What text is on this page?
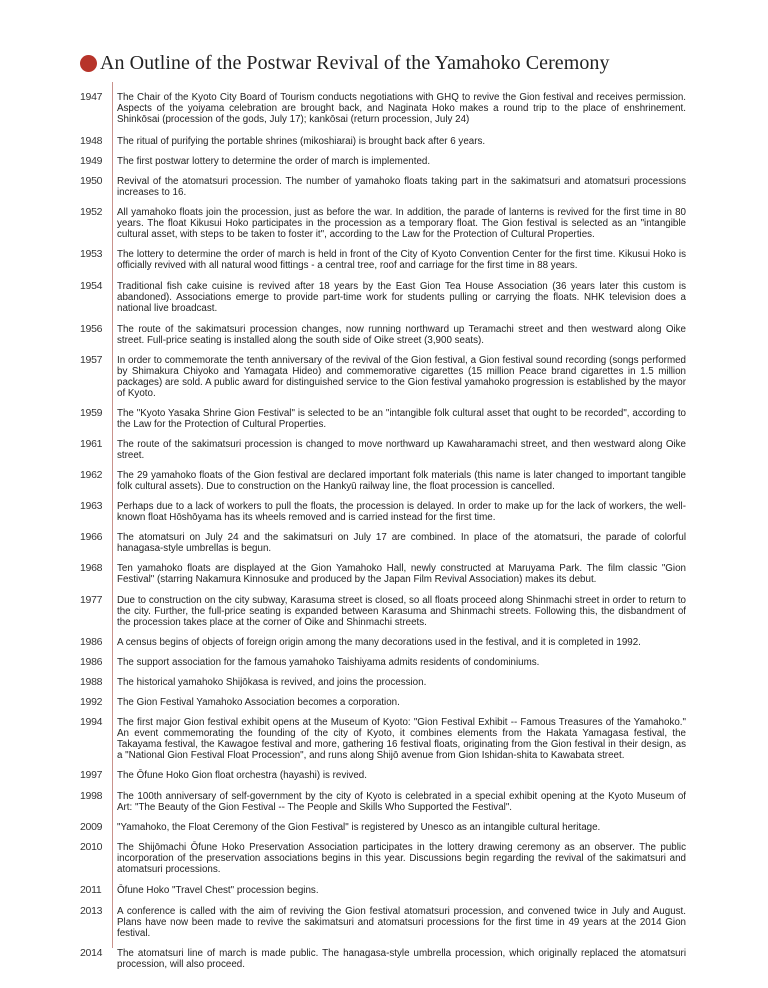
An Outline of the Postwar Revival of the Yamahoko Ceremony
1947	The Chair of the Kyoto City Board of Tourism conducts negotiations with GHQ to revive the Gion festival and receives permission. Aspects of the yoiyama celebration are brought back, and Naginata Hoko makes a round trip to the place of enshrinement. Shinkōsai (procession of the gods, July 17); kankōsai (return procession, July 24)
1948	The ritual of purifying the portable shrines (mikoshiarai) is brought back after 6 years.
1949	The first postwar lottery to determine the order of march is implemented.
1950	Revival of the atomatsuri procession. The number of yamahoko floats taking part in the sakimatsuri and atomatsuri processions increases to 16.
1952	All yamahoko floats join the procession, just as before the war. In addition, the parade of lanterns is revived for the first time in 80 years. The float Kikusui Hoko participates in the procession as a temporary float. The Gion festival is selected as an "intangible cultural asset, with steps to be taken to foster it", according to the Law for the Protection of Cultural Properties.
1953	The lottery to determine the order of march is held in front of the City of Kyoto Convention Center for the first time. Kikusui Hoko is officially revived with all natural wood fittings - a central tree, roof and carriage for the first time in 88 years.
1954	Traditional fish cake cuisine is revived after 18 years by the East Gion Tea House Association (36 years later this custom is abandoned). Associations emerge to provide part-time work for students pulling or carrying the floats. NHK television does a national live broadcast.
1956	The route of the sakimatsuri procession changes, now running northward up Teramachi street and then westward along Oike street. Full-price seating is installed along the south side of Oike street (3,900 seats).
1957	In order to commemorate the tenth anniversary of the revival of the Gion festival, a Gion festival sound recording (songs performed by Shimakura Chiyoko and Yamagata Hideo) and commemorative cigarettes (15 million Peace brand cigarettes in 1.5 million packages) are sold. A public award for distinguished service to the Gion festival yamahoko progression is established by the mayor of Kyoto.
1959	The "Kyoto Yasaka Shrine Gion Festival" is selected to be an "intangible folk cultural asset that ought to be recorded", according to the Law for the Protection of Cultural Properties.
1961	The route of the sakimatsuri procession is changed to move northward up Kawaharamachi street, and then westward along Oike street.
1962	The 29 yamahoko floats of the Gion festival are declared important folk materials (this name is later changed to important tangible folk cultural assets). Due to construction on the Hankyū railway line, the float procession is cancelled.
1963	Perhaps due to a lack of workers to pull the floats, the procession is delayed. In order to make up for the lack of workers, the well-known float Hōshōyama has its wheels removed and is carried instead for the first time.
1966	The atomatsuri on July 24 and the sakimatsuri on July 17 are combined. In place of the atomatsuri, the parade of colorful hanagasa-style umbrellas is begun.
1968	Ten yamahoko floats are displayed at the Gion Yamahoko Hall, newly constructed at Maruyama Park. The film classic "Gion Festival" (starring Nakamura Kinnosuke and produced by the Japan Film Revival Association) makes its debut.
1977	Due to construction on the city subway, Karasuma street is closed, so all floats proceed along Shinmachi street in order to return to the city. Further, the full-price seating is expanded between Karasuma and Shinmachi streets. Following this, the disbandment of the procession takes place at the corner of Oike and Shinmachi streets.
1986	A census begins of objects of foreign origin among the many decorations used in the festival, and it is completed in 1992.
1986	The support association for the famous yamahoko Taishiyama admits residents of condominiums.
1988	The historical yamahoko Shijōkasa is revived, and joins the procession.
1992	The Gion Festival Yamahoko Association becomes a corporation.
1994	The first major Gion festival exhibit opens at the Museum of Kyoto: "Gion Festival Exhibit -- Famous Treasures of the Yamahoko." An event commemorating the founding of the city of Kyoto, it combines elements from the Hakata Yamagasa festival, the Takayama festival, the Kawagoe festival and more, gathering 16 festival floats, originating from the Gion festival in their design, as a "National Gion Festival Float Procession", and runs along Shijō avenue from Gion Ishidan-shita to Kawabata street.
1997	The Ōfune Hoko Gion float orchestra (hayashi) is revived.
1998	The 100th anniversary of self-government by the city of Kyoto is celebrated in a special exhibit opening at the Kyoto Museum of Art: "The Beauty of the Gion Festival -- The People and Skills Who Supported the Festival".
2009	"Yamahoko, the Float Ceremony of the Gion Festival" is registered by Unesco as an intangible cultural heritage.
2010	The Shijōmachi Ōfune Hoko Preservation Association participates in the lottery drawing ceremony as an observer. The public incorporation of the preservation associations begins in this year. Discussions begin regarding the revival of the sakimatsuri and atomatsuri processions.
2011	Ōfune Hoko "Travel Chest" procession begins.
2013	A conference is called with the aim of reviving the Gion festival atomatsuri procession, and convened twice in July and August. Plans have now been made to revive the sakimatsuri and atomatsuri processions for the first time in 49 years at the 2014 Gion festival.
2014	The atomatsuri line of march is made public. The hanagasa-style umbrella procession, which originally replaced the atomatsuri procession, will also proceed.
